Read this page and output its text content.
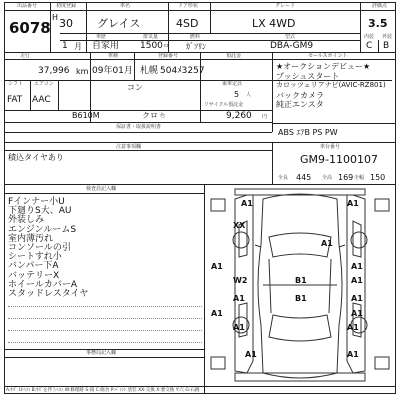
出品番号
6078
初度登録
H 30
1 月
車名
グレイス
ドア形状
4SD
グレード
LX 4WD
評価点
3.5
車歴
自家用
排気量
1500 cc
燃料
ｶﾞｿﾘﾝ
型式
DBA-GM9
内装
C
外装
B
走行
37,996 km
車検
09年01月
登録番号
札幌 504ﾒ3257
預託金
シフト
FAT
エアコン
AAC
コン	乗車定員
5 人
B610M	クロ 色
リサイクル預託金
9,260 円
保証書・取扱説明書
セールスポイント
★オークションデビュー★
プッシュスタート
カロッツェリアナビ(AVIC-RZ801)
バックカメラ
純正エンスタ
ABS ｴｱB PS PW
注意事項欄
積込タイヤあり
車台番号
GM9-1100107
全長 445 全高 169 全幅 150
検査員記入欄
Fインナー小U
下廻りS大、AU
外装しみ
エンジンルームS
室内薄汚れ
コンソールの引
シートすれ小
バンパー下A
バッテリーX
ホイールカバーA
スタッドレスタイヤ
事務局記入欄
A:ｷｽﾞ U:ﾍｺﾐ B:ｷｽﾞを伴うﾍｺﾐ W:修理跡 S:錆 C:腐食 P:ﾍﾟｲﾝﾄ 塗装 XX:交換 X:要交換 Y:穴 G:石跳
A1
XX
A1
A1
A1	A1
W2	B1	A1
A1	B1	A1
A1	A1
A1	A1
A1	A1
